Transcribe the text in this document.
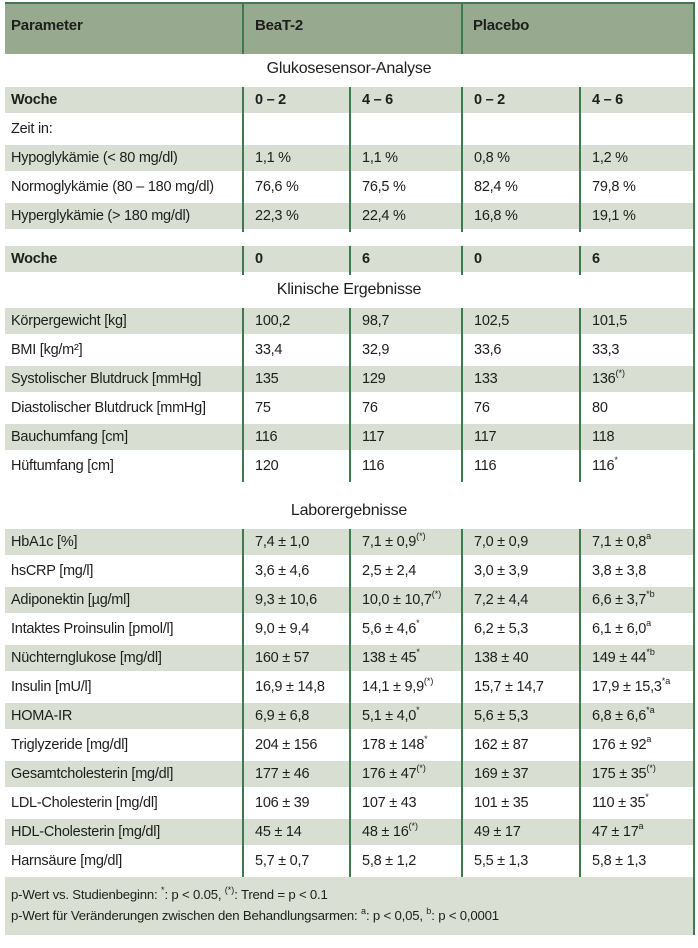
Parameter	BeaT-2	Placebo
Glukosesensor-Analyse
Woche	0 – 2	4 – 6	0 – 2	4 – 6
Zeit in:
Hypoglykämie (< 80 mg/dl)	1,1 %	1,1 %	0,8 %	1,2 %
Normoglykämie (80 – 180 mg/dl)	76,6 %	76,5 %	82,4 %	79,8 %
Hyperglykämie (> 180 mg/dl)	22,3 %	22,4 %	16,8 %	19,1 %
Woche	0	6	0	6
Klinische Ergebnisse
Körpergewicht [kg]	100,2	98,7	102,5	101,5
BMI [kg/m²]	33,4	32,9	33,6	33,3
Systolischer Blutdruck [mmHg]	135	129	133	136(*)
Diastolischer Blutdruck [mmHg]	75	76	76	80
Bauchumfang [cm]	116	117	117	118
Hüftumfang [cm]	120	116	116	116*
Laborergebnisse
HbA1c [%]	7,4 ± 1,0	7,1 ± 0,9(*)	7,0 ± 0,9	7,1 ± 0,8$^a$
hsCRP [mg/l]	3,6 ± 4,6	2,5 ± 2,4	3,0 ± 3,9	3,8 ± 3,8
Adiponektin [µg/ml]	9,3 ± 10,6	10,0 ± 10,7(*)	7,2 ± 4,4	$6,6 \pm 3,7^{*b}$
Intaktes Proinsulin [pmol/l]	9,0 ± 9,4	5,6 ± 4,6*	6,2 ± 5,3	6,1 ± 6,0$^a$
Nüchternglukose [mg/dl]	160 ± 57	138 ± 45*	138 ± 40	$149 \pm 44^{*b}$
Insulin [mU/l]	16,9 ± 14,8	14,1 ± 9,9(*)	15,7 ± 14,7	$17,9 \pm 15,3^{*a}$
HOMA-IR	6,9 ± 6,8	5,1 ± 4,0*	5,6 ± 5,3	$6,8 \pm 6,6^{*a}$
Triglyzeride [mg/dl]	204 ± 156	178 ± 148*	162 ± 87	$176 \pm 92^a$
Gesamtcholesterin [mg/dl]	177 ± 46	176 ± 47(*)	169 ± 37	175 ± 35(*)
LDL-Cholesterin [mg/dl]	106 ± 39	107 ± 43	101 ± 35	110 ± 35*
HDL-Cholesterin [mg/dl]	45 ± 14	48 ± 16(*)	49 ± 17	$47 \pm 17^a$
Harnsäure [mg/dl]	5,7 ± 0,7	5,8 ± 1,2	5,5 ± 1,3	5,8 ± 1,3
p-Wert vs. Studienbeginn: *: p < 0.05, (*): Trend = p < 0.1
p-Wert für Veränderungen zwischen den Behandlungsarmen: $^a$: p < 0,05, $^b$: p < 0,0001
